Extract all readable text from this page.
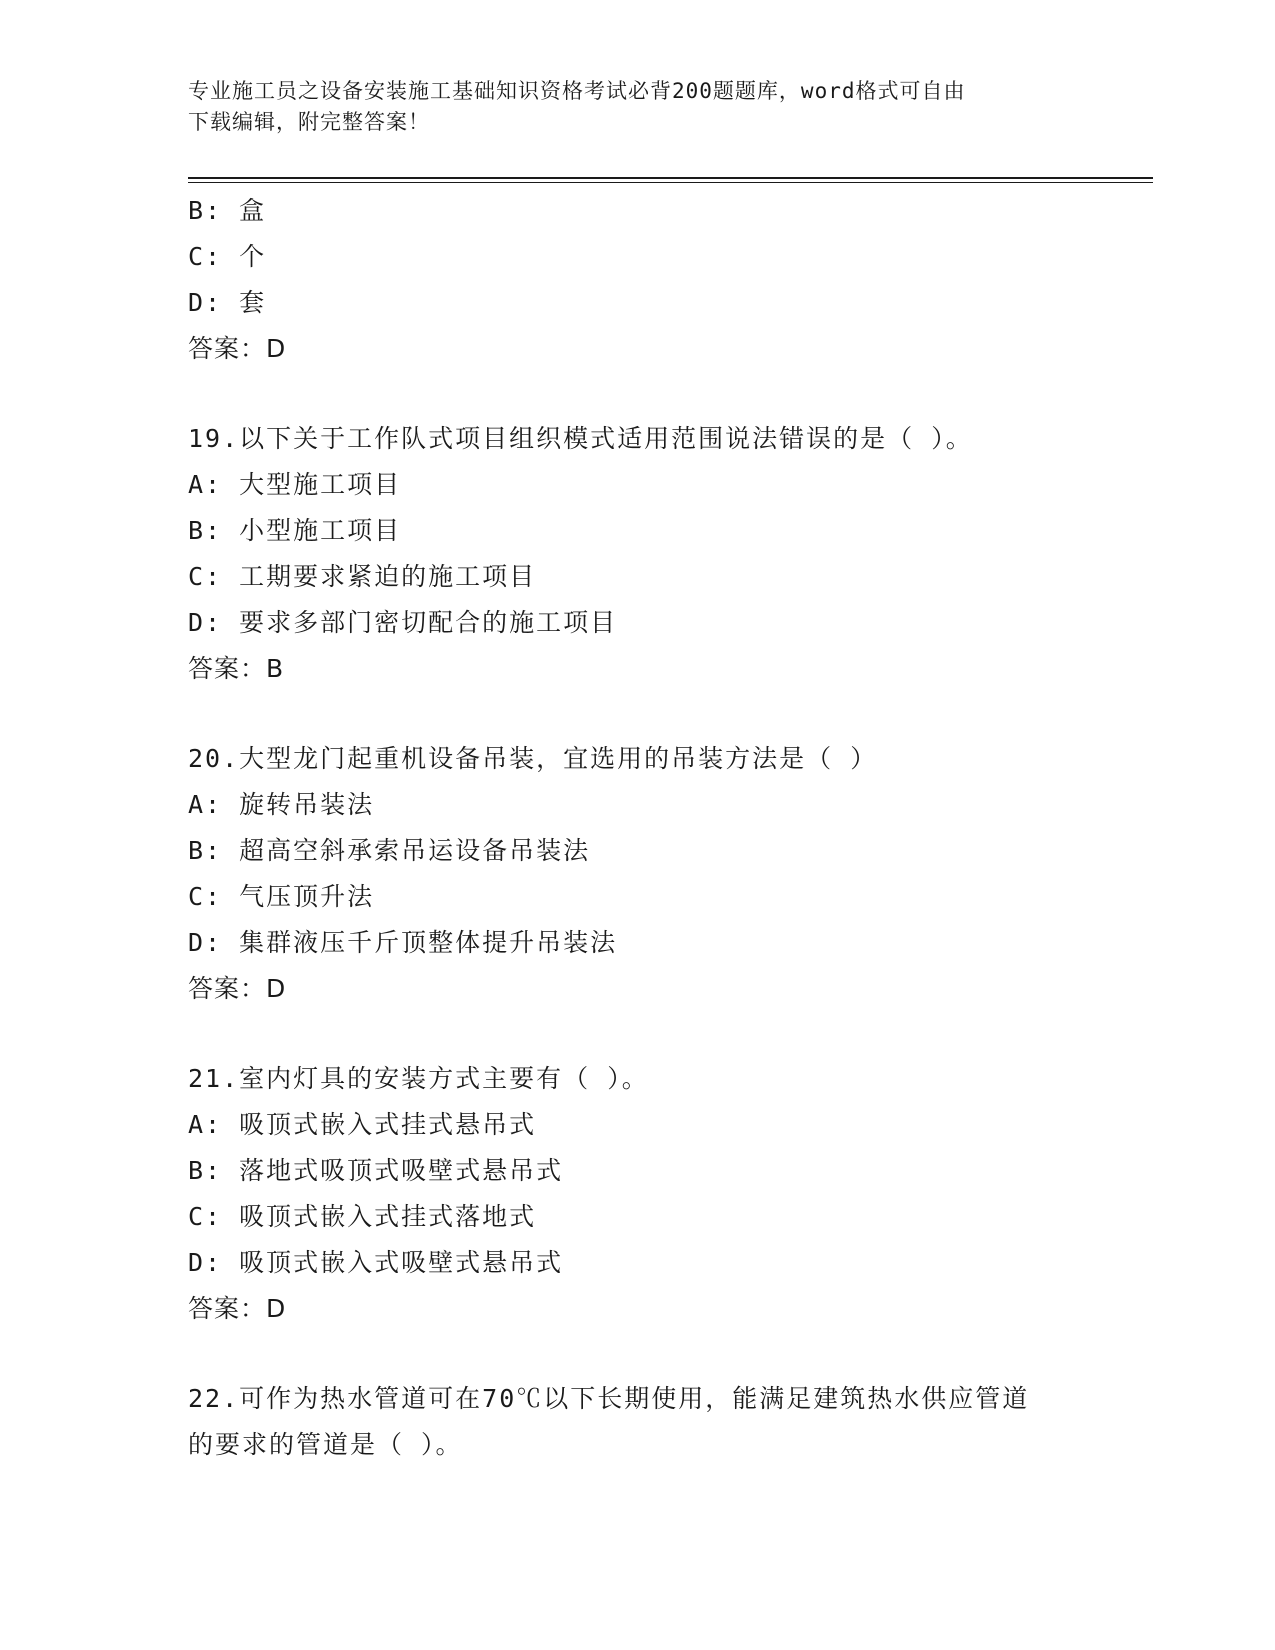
专业施工员之设备安装施工基础知识资格考试必背200题题库，word格式可自由
下载编辑，附完整答案！
B: 盒
C: 个
D: 套
答案：D
19.以下关于工作队式项目组织模式适用范围说法错误的是（ ）。
A: 大型施工项目
B: 小型施工项目
C: 工期要求紧迫的施工项目
D: 要求多部门密切配合的施工项目
答案：B
20.大型龙门起重机设备吊装，宜选用的吊装方法是（ ）
A: 旋转吊装法
B: 超高空斜承索吊运设备吊装法
C: 气压顶升法
D: 集群液压千斤顶整体提升吊装法
答案：D
21.室内灯具的安装方式主要有（ ）。
A: 吸顶式嵌入式挂式悬吊式
B: 落地式吸顶式吸壁式悬吊式
C: 吸顶式嵌入式挂式落地式
D: 吸顶式嵌入式吸壁式悬吊式
答案：D
22.可作为热水管道可在70℃以下长期使用，能满足建筑热水供应管道
的要求的管道是（ ）。
